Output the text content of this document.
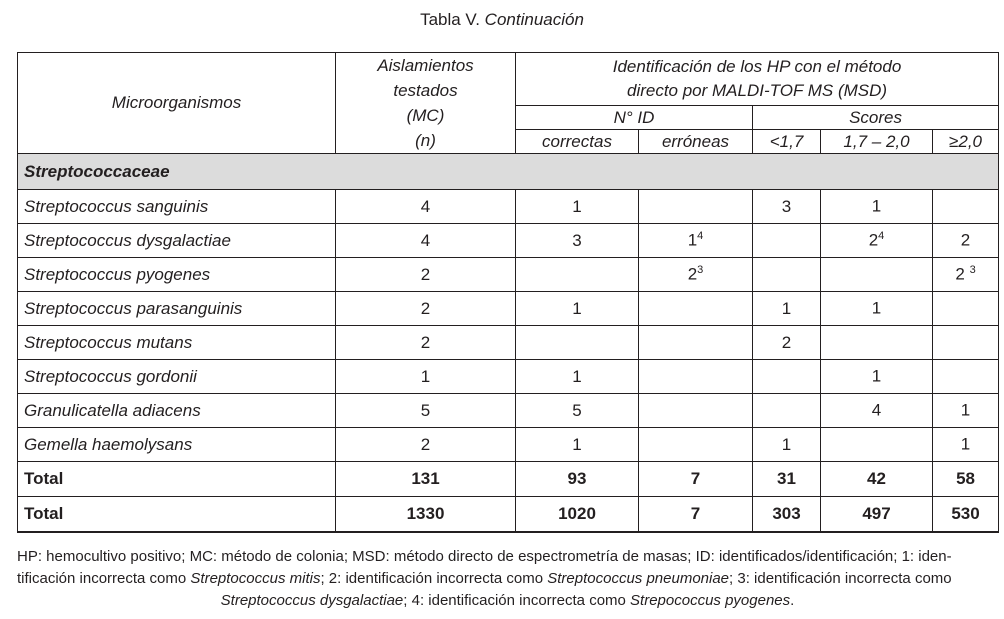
Tabla V. Continuación
Microorganismos	Aislamientos
testados
(MC)
(n)	Identificación de los HP con el método
directo por MALDI-TOF MS (MSD)				
		N° ID		Scores		
		correctas	erróneas	<1,7	1,7 – 2,0	≥2,0
Streptococcaceae						
Streptococcus sanguinis	4	1		3	1	
Streptococcus dysgalactiae	4	3	$1^4$		$2^4$	2
Streptococcus pyogenes	2		$2^3$			2 $^3$
Streptococcus parasanguinis	2	1		1	1	
Streptococcus mutans	2			2		
Streptococcus gordonii	1	1			1	
Granulicatella adiacens	5	5			4	1
Gemella haemolysans	2	1		1		1
Total	131	93	7	31	42	58
Total	1330	1020	7	303	497	530

HP: hemocultivo positivo; MC: método de colonia; MSD: método directo de espectrometría de masas; ID: identificados/identificación; 1: iden-

tificación incorrecta como Streptococcus mitis; 2: identificación incorrecta como Streptococcus pneumoniae; 3: identificación incorrecta como

Streptococcus dysgalactiae; 4: identificación incorrecta como Strepococcus pyogenes.
